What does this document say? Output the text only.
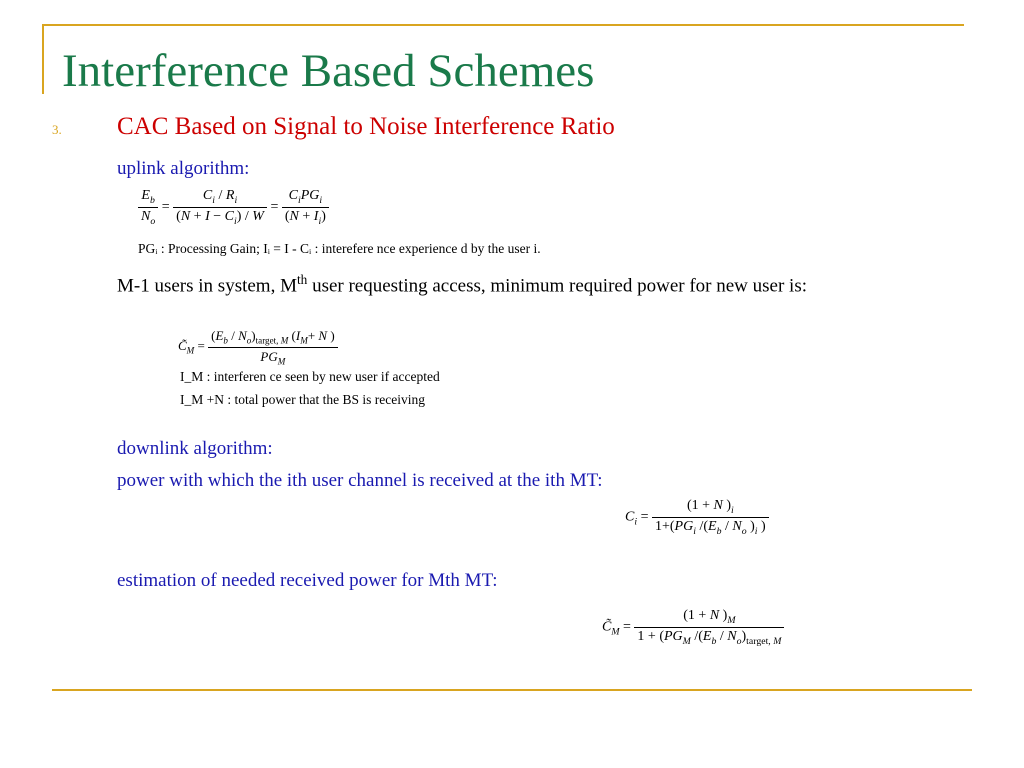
Interference Based Schemes
3. CAC Based on Signal to Noise Interference Ratio
uplink algorithm:
$\frac{E_b}{N_o} = \frac{C_i / R_i}{(N + I - C_i) / W} = \frac{C_iPG_i}{(N + I_i)}$
PGᵢ : Processing Gain; Iᵢ = I - Cᵢ : interefere nce experience d by the user i.
M-1 users in system, Mth user requesting access, minimum required power for new user is:
$C̃_M = \frac{(E_b / N_o)_{target, M} (I_M+ N )}{PG_M}$
I_M : interferen ce seen by new user if accepted
I_M +N : total power that the BS is receiving
downlink algorithm:
power with which the ith user channel is received at the ith MT:
$C_i = \frac{(1 + N )_i}{1+(PG_i /(E_b / N_o )_i )}$
estimation of needed received power for Mth MT:
$C̃_M = \frac{(1 + N )_M}{1 + (PG_M /(E_b / N_o)_{target, M}}$
